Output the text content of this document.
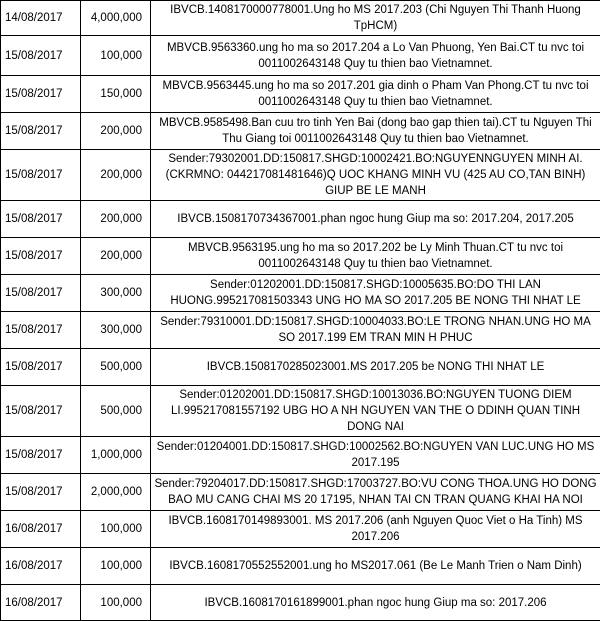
14/08/2017	4,000,000	IBVCB.1408170000778001.Ung ho MS 2017.203 (Chi Nguyen Thi Thanh Huong TpHCM)
15/08/2017	100,000	MBVCB.9563360.ung ho ma so 2017.204 a Lo Van Phuong, Yen Bai.CT tu nvc toi 0011002643148 Quy tu thien bao Vietnamnet.
15/08/2017	150,000	MBVCB.9563445.ung ho ma so 2017.201 gia dinh o Pham Van Phong.CT tu nvc toi 0011002643148 Quy tu thien bao Vietnamnet.
15/08/2017	200,000	MBVCB.9585498.Ban cuu tro tinh Yen Bai (dong bao gap thien tai).CT tu Nguyen Thi Thu Giang toi 0011002643148 Quy tu thien bao Vietnamnet.
15/08/2017	200,000	Sender:79302001.DD:150817.SHGD:10002421.BO:NGUYENNGUYEN MINH AI.(CKRMNO: 044217081481646)Q UOC KHANG MINH VU (425 AU CO,TAN BINH) GIUP BE LE MANH
15/08/2017	200,000	IBVCB.1508170734367001.phan ngoc hung Giup ma so: 2017.204, 2017.205
15/08/2017	200,000	MBVCB.9563195.ung ho ma so 2017.202 be Ly Minh Thuan.CT tu nvc toi 0011002643148 Quy tu thien bao Vietnamnet.
15/08/2017	300,000	Sender:01202001.DD:150817.SHGD:10005635.BO:DO THI LAN HUONG.995217081503343 UNG HO MA SO 2017.205 BE NONG THI NHAT LE
15/08/2017	300,000	Sender:79310001.DD:150817.SHGD:10004033.BO:LE TRONG NHAN.UNG HO MA SO 2017.199 EM TRAN MIN H PHUC
15/08/2017	500,000	IBVCB.1508170285023001.MS 2017.205 be NONG THI NHAT LE
15/08/2017	500,000	Sender:01202001.DD:150817.SHGD:10013036.BO:NGUYEN TUONG DIEM LI.995217081557192 UBG HO A NH NGUYEN VAN THE O DDINH QUAN TINH DONG NAI
15/08/2017	1,000,000	Sender:01204001.DD:150817.SHGD:10002562.BO:NGUYEN VAN LUC.UNG HO MS 2017.195
15/08/2017	2,000,000	Sender:79204017.DD:150817.SHGD:17003727.BO:VU CONG THOA.UNG HO DONG BAO MU CANG CHAI MS 20 17195, NHAN TAI CN TRAN QUANG KHAI HA NOI
16/08/2017	100,000	IBVCB.1608170149893001. MS 2017.206 (anh Nguyen Quoc Viet o Ha Tinh) MS 2017.206
16/08/2017	100,000	IBVCB.1608170552552001.ung ho MS2017.061 (Be Le Manh Trien o Nam Dinh)
16/08/2017	100,000	IBVCB.1608170161899001.phan ngoc hung Giup ma so: 2017.206
